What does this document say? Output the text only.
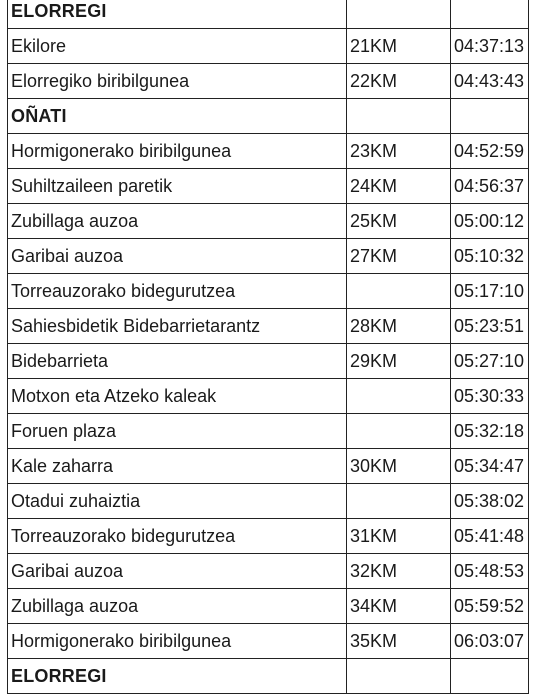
ELORREGI		
Ekilore	21KM	04:37:13
Elorregiko biribilgunea	22KM	04:43:43
OÑATI		
Hormigonerako biribilgunea	23KM	04:52:59
Suhiltzaileen paretik	24KM	04:56:37
Zubillaga auzoa	25KM	05:00:12
Garibai auzoa	27KM	05:10:32
Torreauzorako bidegurutzea		05:17:10
Sahiesbidetik Bidebarrietarantz	28KM	05:23:51
Bidebarrieta	29KM	05:27:10
Motxon eta Atzeko kaleak		05:30:33
Foruen plaza		05:32:18
Kale zaharra	30KM	05:34:47
Otadui zuhaiztia		05:38:02
Torreauzorako bidegurutzea	31KM	05:41:48
Garibai auzoa	32KM	05:48:53
Zubillaga auzoa	34KM	05:59:52
Hormigonerako biribilgunea	35KM	06:03:07
ELORREGI		
